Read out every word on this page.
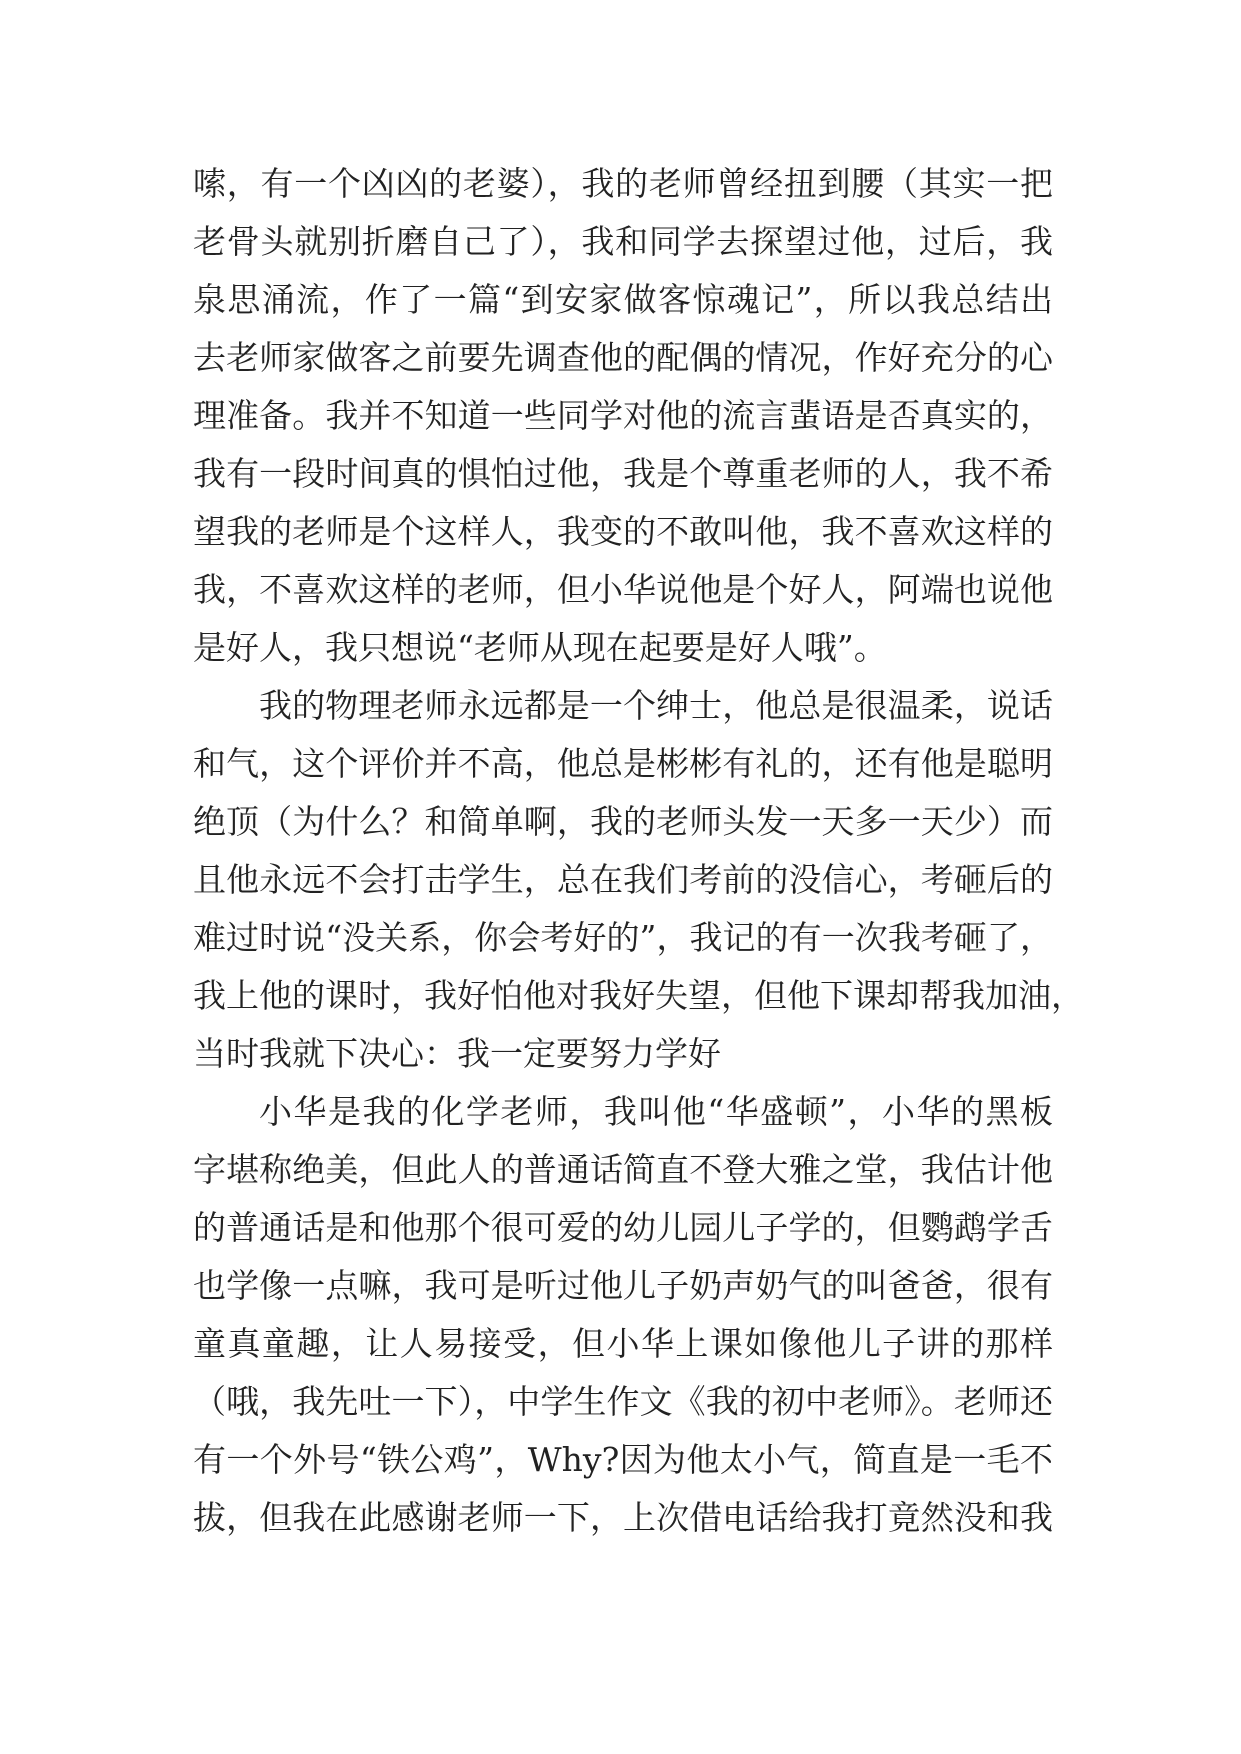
嗦，有一个凶凶的老婆），我的老师曾经扭到腰（其实一把
老骨头就别折磨自己了），我和同学去探望过他，过后，我
泉思涌流，作了一篇“到安家做客惊魂记”，所以我总结出
去老师家做客之前要先调查他的配偶的情况，作好充分的心
理准备。我并不知道一些同学对他的流言蜚语是否真实的，
我有一段时间真的惧怕过他，我是个尊重老师的人，我不希
望我的老师是个这样人，我变的不敢叫他，我不喜欢这样的
我，不喜欢这样的老师，但小华说他是个好人，阿端也说他
是好人，我只想说“老师从现在起要是好人哦”。
我的物理老师永远都是一个绅士，他总是很温柔，说话
和气，这个评价并不高，他总是彬彬有礼的，还有他是聪明
绝顶（为什么？和简单啊，我的老师头发一天多一天少）而
且他永远不会打击学生，总在我们考前的没信心，考砸后的
难过时说“没关系，你会考好的”，我记的有一次我考砸了，
我上他的课时，我好怕他对我好失望，但他下课却帮我加油，
当时我就下决心：我一定要努力学好
小华是我的化学老师，我叫他“华盛顿”，小华的黑板
字堪称绝美，但此人的普通话简直不登大雅之堂，我估计他
的普通话是和他那个很可爱的幼儿园儿子学的，但鹦鹉学舌
也学像一点嘛，我可是听过他儿子奶声奶气的叫爸爸，很有
童真童趣，让人易接受，但小华上课如像他儿子讲的那样
（哦，我先吐一下），中学生作文《我的初中老师》。老师还
有一个外号“铁公鸡”，Why?因为他太小气，简直是一毛不
拔，但我在此感谢老师一下，上次借电话给我打竟然没和我
